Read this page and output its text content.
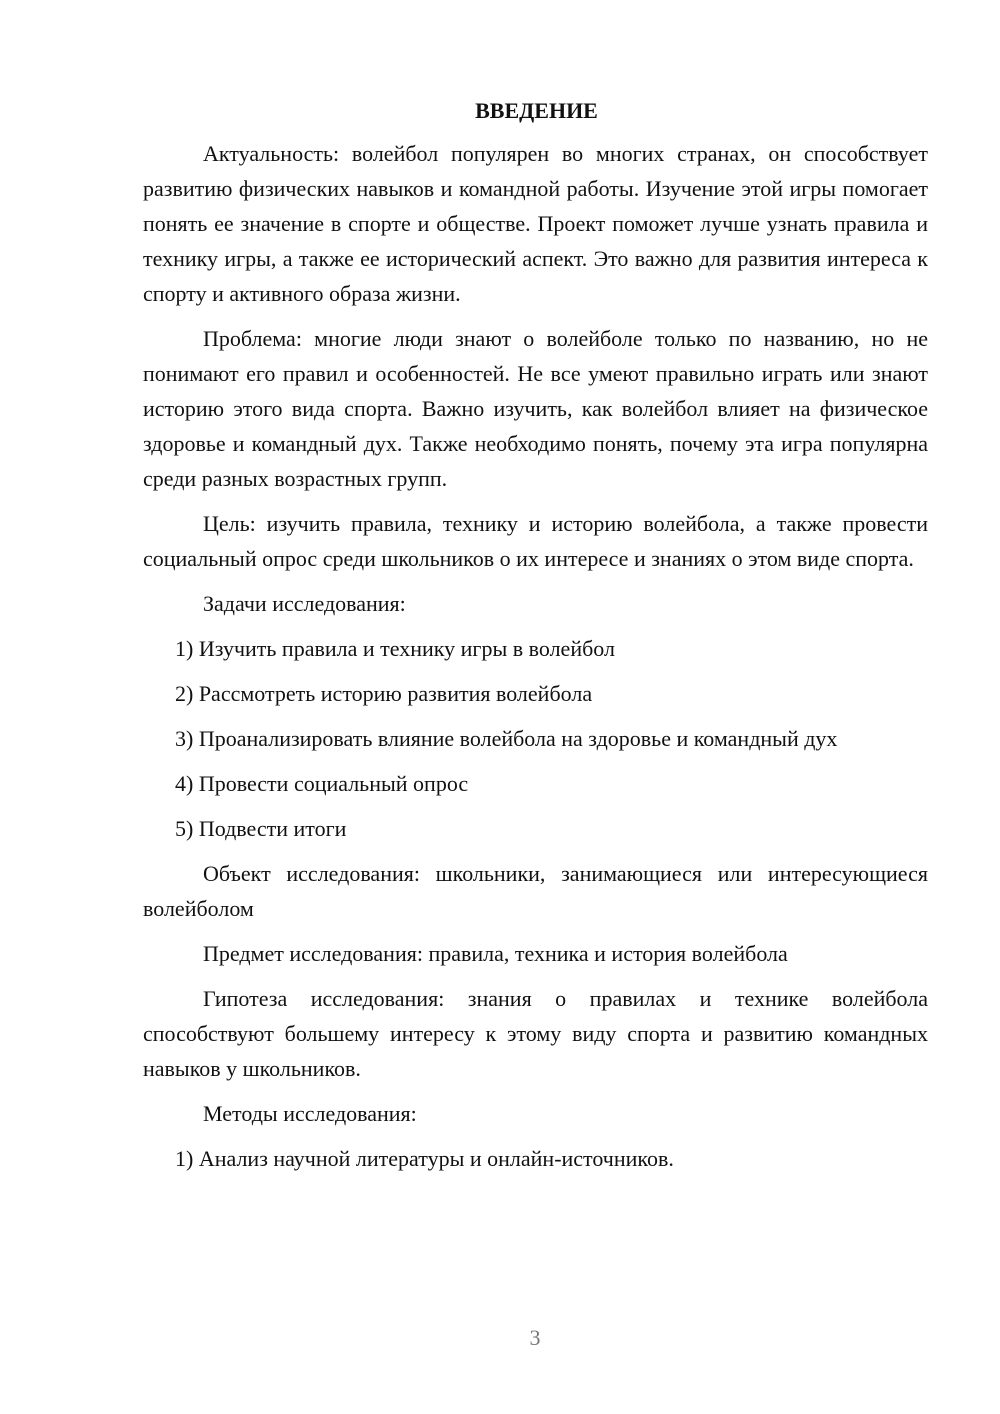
ВВЕДЕНИЕ
Актуальность: волейбол популярен во многих странах, он способствует развитию физических навыков и командной работы. Изучение этой игры помогает понять ее значение в спорте и обществе. Проект поможет лучше узнать правила и технику игры, а также ее исторический аспект. Это важно для развития интереса к спорту и активного образа жизни.
Проблема: многие люди знают о волейболе только по названию, но не понимают его правил и особенностей. Не все умеют правильно играть или знают историю этого вида спорта. Важно изучить, как волейбол влияет на физическое здоровье и командный дух. Также необходимо понять, почему эта игра популярна среди разных возрастных групп.
Цель: изучить правила, технику и историю волейбола, а также провести социальный опрос среди школьников о их интересе и знаниях о этом виде спорта.
Задачи исследования:
1) Изучить правила и технику игры в волейбол
2) Рассмотреть историю развития волейбола
3) Проанализировать влияние волейбола на здоровье и командный дух
4) Провести социальный опрос
5) Подвести итоги
Объект исследования: школьники, занимающиеся или интересующиеся волейболом
Предмет исследования: правила, техника и история волейбола
Гипотеза исследования: знания о правилах и технике волейбола способствуют большему интересу к этому виду спорта и развитию командных навыков у школьников.
Методы исследования:
1) Анализ научной литературы и онлайн-источников.
3
